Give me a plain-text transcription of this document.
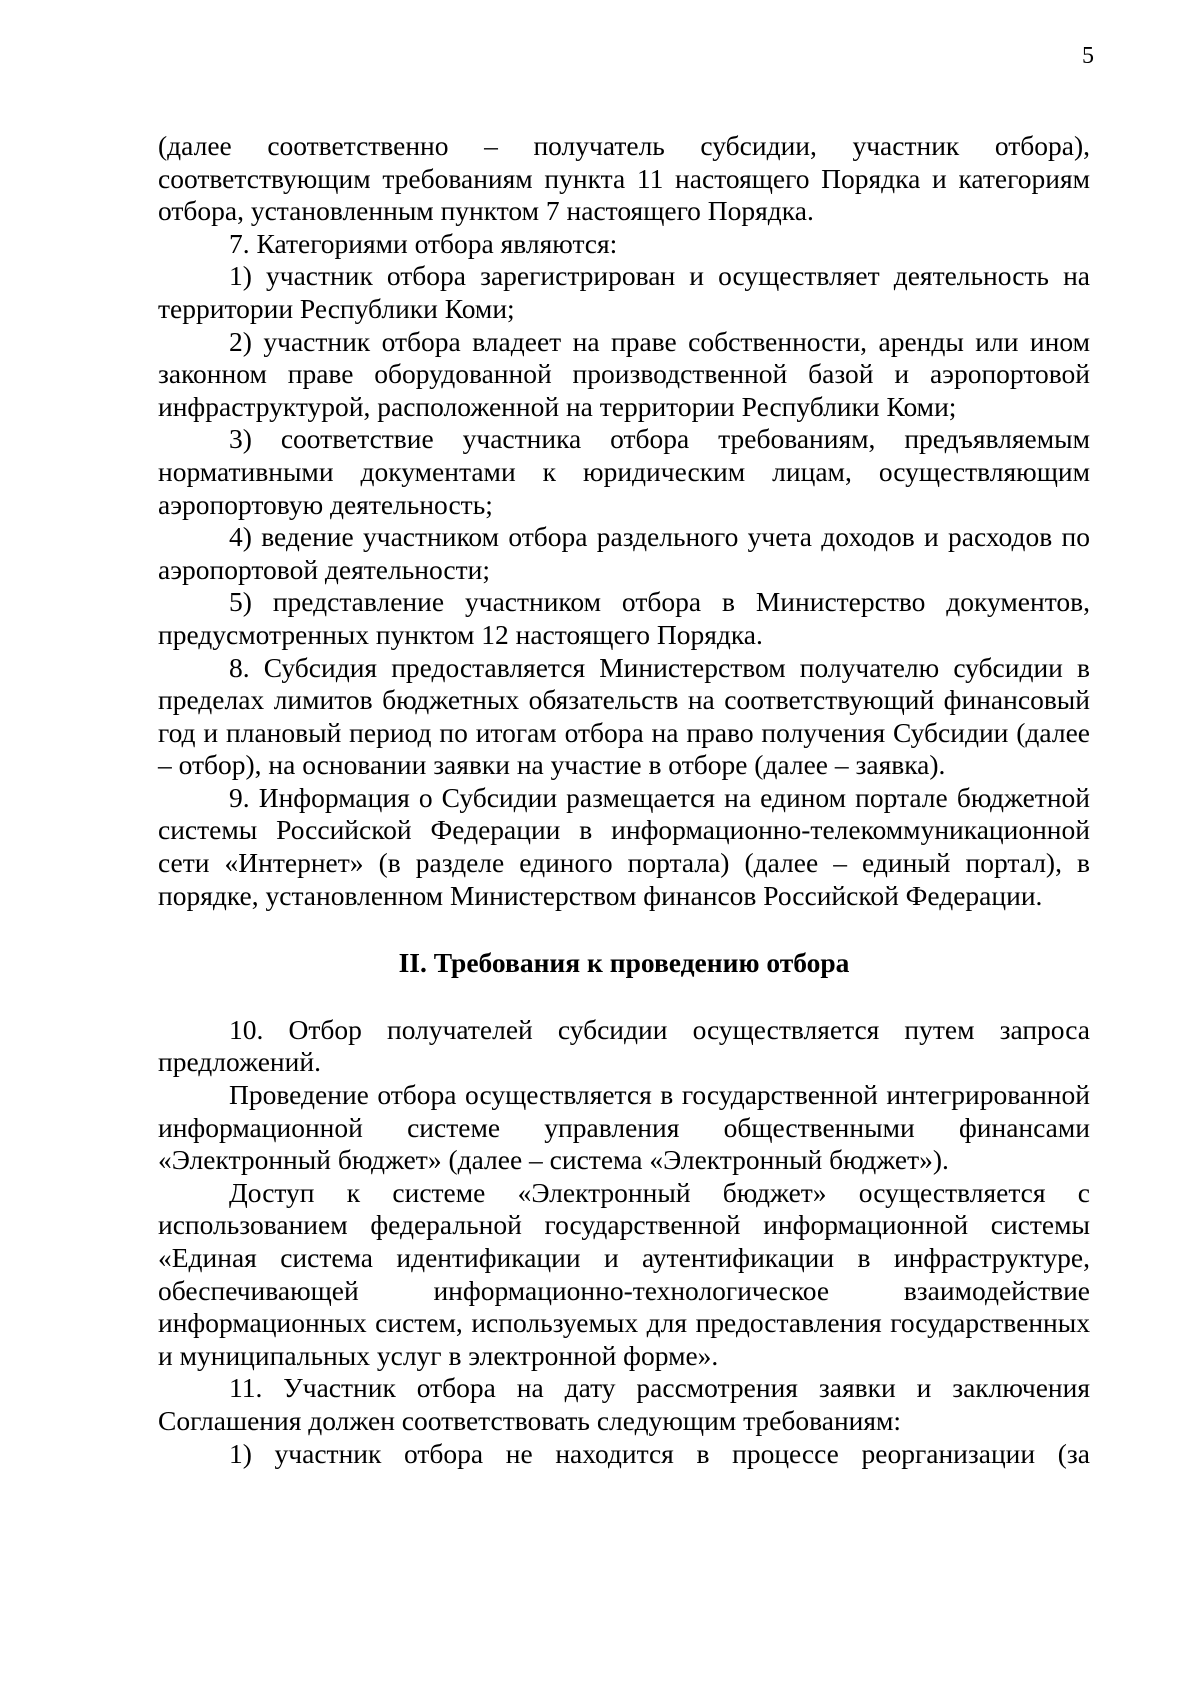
5
(далее соответственно – получатель субсидии, участник отбора), соответствующим требованиям пункта 11 настоящего Порядка и категориям отбора, установленным пунктом 7 настоящего Порядка.
7. Категориями отбора являются:
1) участник отбора зарегистрирован и осуществляет деятельность на территории Республики Коми;
2) участник отбора владеет на праве собственности, аренды или ином законном праве оборудованной производственной базой и аэропортовой инфраструктурой, расположенной на территории Республики Коми;
3) соответствие участника отбора требованиям, предъявляемым нормативными документами к юридическим лицам, осуществляющим аэропортовую деятельность;
4) ведение участником отбора раздельного учета доходов и расходов по аэропортовой деятельности;
5) представление участником отбора в Министерство документов, предусмотренных пунктом 12 настоящего Порядка.
8. Субсидия предоставляется Министерством получателю субсидии в пределах лимитов бюджетных обязательств на соответствующий финансовый год и плановый период по итогам отбора на право получения Субсидии (далее – отбор), на основании заявки на участие в отборе (далее – заявка).
9. Информация о Субсидии размещается на едином портале бюджетной системы Российской Федерации в информационно-телекоммуникационной сети «Интернет» (в разделе единого портала) (далее – единый портал), в порядке, установленном Министерством финансов Российской Федерации.
II. Требования к проведению отбора
10. Отбор получателей субсидии осуществляется путем запроса предложений.
Проведение отбора осуществляется в государственной интегрированной информационной системе управления общественными финансами «Электронный бюджет» (далее – система «Электронный бюджет»).
Доступ к системе «Электронный бюджет» осуществляется с использованием федеральной государственной информационной системы «Единая система идентификации и аутентификации в инфраструктуре, обеспечивающей информационно-технологическое взаимодействие информационных систем, используемых для предоставления государственных и муниципальных услуг в электронной форме».
11. Участник отбора на дату рассмотрения заявки и заключения Соглашения должен соответствовать следующим требованиям:
1) участник отбора не находится в процессе реорганизации (за
